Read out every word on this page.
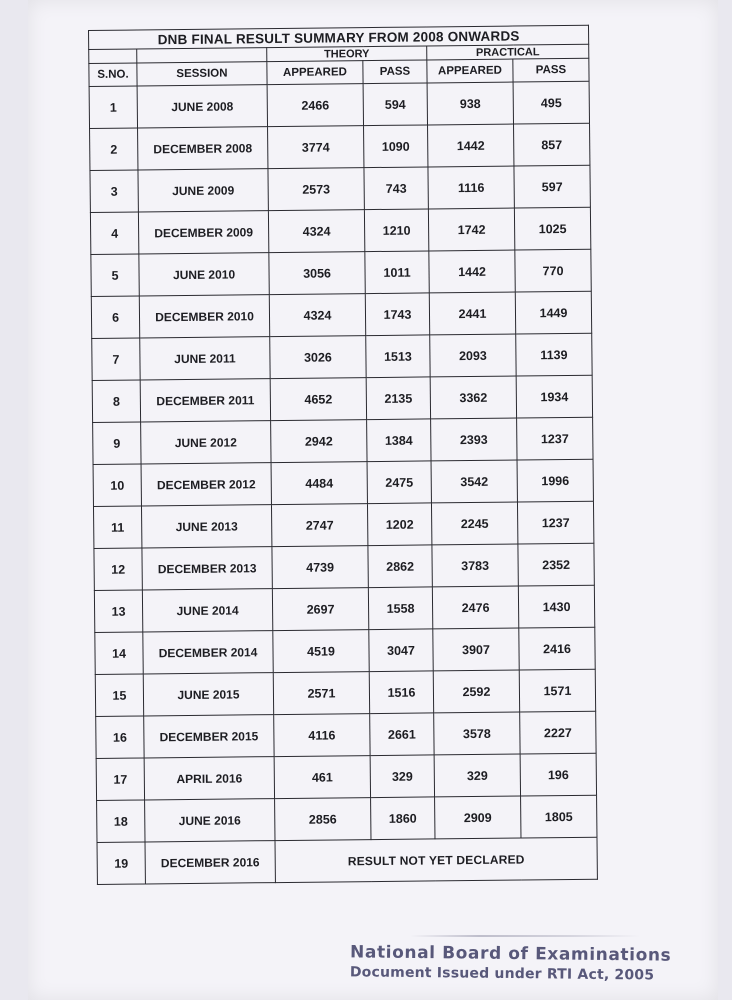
DNB FINAL RESULT SUMMARY FROM 2008 ONWARDS					
		THEORY		PRACTICAL	
S.NO.	SESSION	APPEARED	PASS	APPEARED	PASS
1	JUNE 2008	2466	594	938	495
2	DECEMBER 2008	3774	1090	1442	857
3	JUNE 2009	2573	743	1116	597
4	DECEMBER 2009	4324	1210	1742	1025
5	JUNE 2010	3056	1011	1442	770
6	DECEMBER 2010	4324	1743	2441	1449
7	JUNE 2011	3026	1513	2093	1139
8	DECEMBER 2011	4652	2135	3362	1934
9	JUNE 2012	2942	1384	2393	1237
10	DECEMBER 2012	4484	2475	3542	1996
11	JUNE 2013	2747	1202	2245	1237
12	DECEMBER 2013	4739	2862	3783	2352
13	JUNE 2014	2697	1558	2476	1430
14	DECEMBER 2014	4519	3047	3907	2416
15	JUNE 2015	2571	1516	2592	1571
16	DECEMBER 2015	4116	2661	3578	2227
17	APRIL 2016	461	329	329	196
18	JUNE 2016	2856	1860	2909	1805
19	DECEMBER 2016	RESULT NOT YET DECLARED			
National Board of Examinations
Document Issued under RTI Act, 2005
